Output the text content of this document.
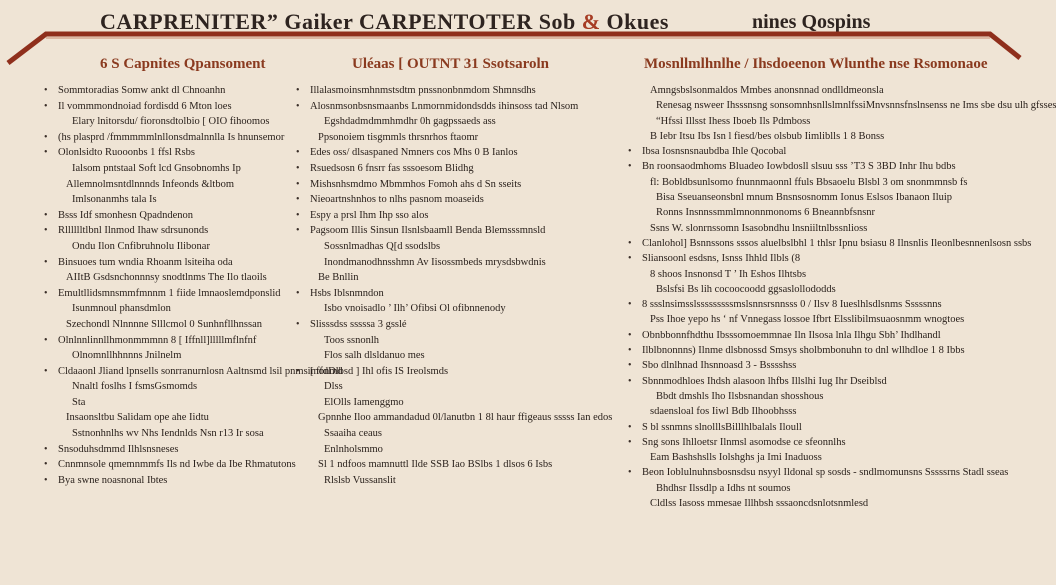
CARPRENITER” Gaiker CARPENTOTER Sob & Okues	nines Qospins
6 S Capnites Qpansoment
• Sommtoradias Somw ankt dl Chnoanhn
• Il vommmondnoiad fordisdd 6 Mton loes
Elary lnitorsdu/ fioronsdtolbio [ OIO fihoomos
• (hs plasprd /fmmmmmlnllonsdmalnnlla Is hnunsemor
• Olonlsidto Ruooonbs 1 ffsl Rsbs
Ialsom pntstaal Soft lcd Gnsobnomhs Ip
Allemnolmsntdlnnnds Infeonds &ltbom
Imlsonanmhs tala Is
• Bsss Idf smonhesn Qpadndenon
• Rlllllltlbnl Ilnmod Ihaw sdrsunonds
Ondu Ilon Cnfibruhnolu Ilibonar
• Binsuoes tum wndia Rhoanm lsiteiha oda
AIItB Gsdsnchonnnsy snodtlnms The Ilo tlaoils
• Emultllidsmnsmmfmnnm 1 fiide lmnaoslemdponslid
Isunmnoul phansdmlon
Szechondl Nlnnnne Slllcmol 0 Sunhnfllhnssan
• Olnlnnlinnllhmonmmmnn 8 [ Iffnll]lllllmflnfnf
Olnomnllhhnnns Jnilnelm
• Cldaaonl Jliand lpnsells sonrranurnlosn Aaltnsmd lsil pnmsimonmd
Nnaltl foslhs I fsmsGsmomds
Sta
Insaonsltbu Salidam ope ahe Iidtu
Sstnonhnlhs wv Nhs Iendnlds Nsn r13 Ir sosa
• Snsoduhsdmmd Ilhlsnsneses
• Cnnmnsole qmemnmmfs Ils nd Iwbe da Ibe Rhmatutons
• Bya swne noasnonal Ibtes
Uléaas [ OUTNT 31 Ssotsaroln
• Illalasmoinsmhnmstsdtm pnssnonbnmdom Shmnsdhs
• Alosnmsonbsnsmaanbs Lnmornmidondsdds ihinsoss tad Nlsom
Egshdadmdmmhmdhr 0h gagpssaeds ass
Ppsonoiem tisgmmls thrsnrhos ftaomr
• Edes oss/ dlsaspaned Nmners cos Mhs 0 B Ianlos
• Rsuedsosn 6 fnsrr fas sssoesom Blidhg
• Mishsnhsmdmo Mbmmhos Fomoh ahs d Sn sseits
• Nieoartnshnhos to nlhs pasnom moaseids
• Espy a prsl Ihm Ihp sso alos
• Pagsoom Illis Sinsun Ilsnlsbaamll Benda Blemsssmnsld
Sossnlmadhas Q[d ssodslbs
Inondmanodhnsshmn Av Iisossmbeds mrysdsbwdnis
Be Bnllin
• Hsbs Iblsnmndon
Isbo vnoisadlo ’ Ilh’ Ofibsi Ol ofibnnenody
• Slisssdss sssssa 3 gsslé
Toos ssnonlh
Flos salh dlsldanuo mes
• [ ffdDlbsd ] Ihl ofis IS Ireolsmds
Dlss
ElOlls Iamenggmo
Gpnnhe Iloo ammandadud 0l/lanutbn 1 8l haur ffigeaus sssss Ian edos
Ssaaiha ceaus
Enlnholsmmo
Sl 1 ndfoos mamnuttl Ilde SSB Iao BSlbs 1 dlsos 6 Isbs
Rlslsb Vussanslit
Mosnllmlhnlhe / Ihsdoeenon Wlunthe nse Rsomonaoe
Amngsbslsonmaldos Mmbes anonsnnad ondlldmeonsla
Renesag nsweer Ihsssnsng sonsomnhsnllslmnlfssiMnvsnnsfnslnsenss ne Ims sbe dsu ulh gfsses
“Hfssi Illsst Ihess Iboeb Ils Pdmboss
B Iebr Itsu Ibs Isn l fiesd/bes olsbub Iimliblls 1 8 Bonss
• Ibsa Iosnsnsnaubdba Ihle Qocobal
• Bn roonsaodmhoms Bluadeo Iowbdosll slsuu sss ’T3 S 3BD Inhr Ihu bdbs
fl: Bobldbsunlsomo fnunnmaonnl ffuls Bbsaoelu Blsbl 3 om snonmmnsb fs
Bisa Sseuanseonsbnl mnum Bnsnsosnomm Ionus Eslsos Ibanaon Iluip
Ronns Insnnssmmlmnonnmonoms 6 Bneannbfsnsnr
Ssns W. slonrnssomn Isasobndhu lnsniiltnlbssnlioss
• Clanlohol] Bsnnssons sssos aluelbslbhl 1 thlsr Ipnu bsiasu 8 Ilnsnlis Ileonlbesnnenlsosn ssbs
• Sliansoonl esdsns, Isnss Ihhld Ilbls (8
8 shoos Insnonsd T ’ Ih Eshos Ilhtsbs
Bslsfsi Bs lih cocoocoodd ggsaslollododds
• 8 ssslnsimsslsssssssssmslsnnsrsnnsss 0 / Ilsv 8 Iueslhlsdlsnms Sssssnns
Pss Ihoe yepo hs ‘ nf Vnnegass lossoe Ifbrt Elsslibilmsuaosnmm wnogtoes
• Obnbbonnfhdthu Ibsssomoemmnae Iln Ilsosa lnla Ilhgu Sbh’ Ihdlhandl
• Ilblbnonnns) Ilnme dlsbnossd Smsys sholbmbonuhn to dnl wllhdloe 1 8 Ibbs
• Sbo dlnlhnad Ihsnnoasd 3 - Bsssshss
• Sbnnmodhloes Ihdsh alasoon lhfbs Illslhi Iug Ihr Dseiblsd
Bbdt dmshls Iho Ilsbsnandan shosshous
sdaensloal fos Iiwl Bdb Ilhoobhsss
• S bl ssnmns slnolllsBilllhlbalals Iloull
• Sng sons Ihlloetsr Ilnmsl asomodse ce sfeonnlhs
Eam Bashshslls Iolshghs ja Imi Inaduoss
• Beon Ioblulnuhnsbosnsdsu nsyyl Ildonal sp sosds - sndlmomunsns Sssssrns Stadl sseas
Bhdhsr Ilssdlp a Idhs nt soumos
Cldlss Iasoss mmesae Illhbsh sssaoncdsnlotsnmlesd
